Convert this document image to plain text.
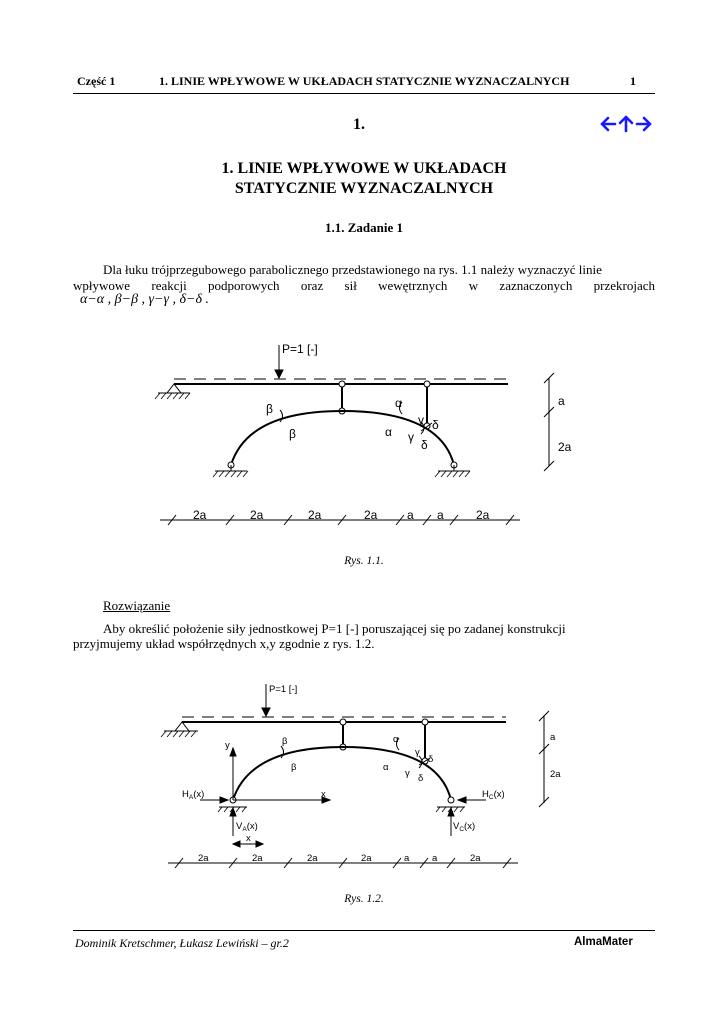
Część 1	1. LINIE WPŁYWOWE W UKŁADACH STATYCZNIE WYZNACZALNYCH	1
1.
1. LINIE WPŁYWOWE W UKŁADACH
STATYCZNIE WYZNACZALNYCH
1.1. Zadanie 1
Dla łuku trójprzegubowego parabolicznego przedstawionego na rys. 1.1 należy wyznaczyć linie
wpływowe reakcji podporowych oraz sił wewętrznych w zaznaczonych przekrojach
α−α , β−β , γ−γ , δ−δ .
P=1 [-]
β
β
α
α
γ
γ
δ
δ
a
2a
2a	2a	2a	2a a a	2a
Rys. 1.1.
Rozwiązanie
Aby określić położenie siły jednostkowej P=1 [-] poruszającej się po zadanej konstrukcji
przyjmujemy układ współrzędnych x,y zgodnie z rys. 1.2.
P=1 [-]
y
x
β
β
α
α
γ
γ
δ
δ
a
2a
$H_A(x)$	$H_C(x)$
$V_A(x)$	$V_C(x)$
x
2a	2a	2a	2a	a a	2a
Rys. 1.2.
Dominik Kretschmer, Łukasz Lewiński – gr.2	AlmaMater
